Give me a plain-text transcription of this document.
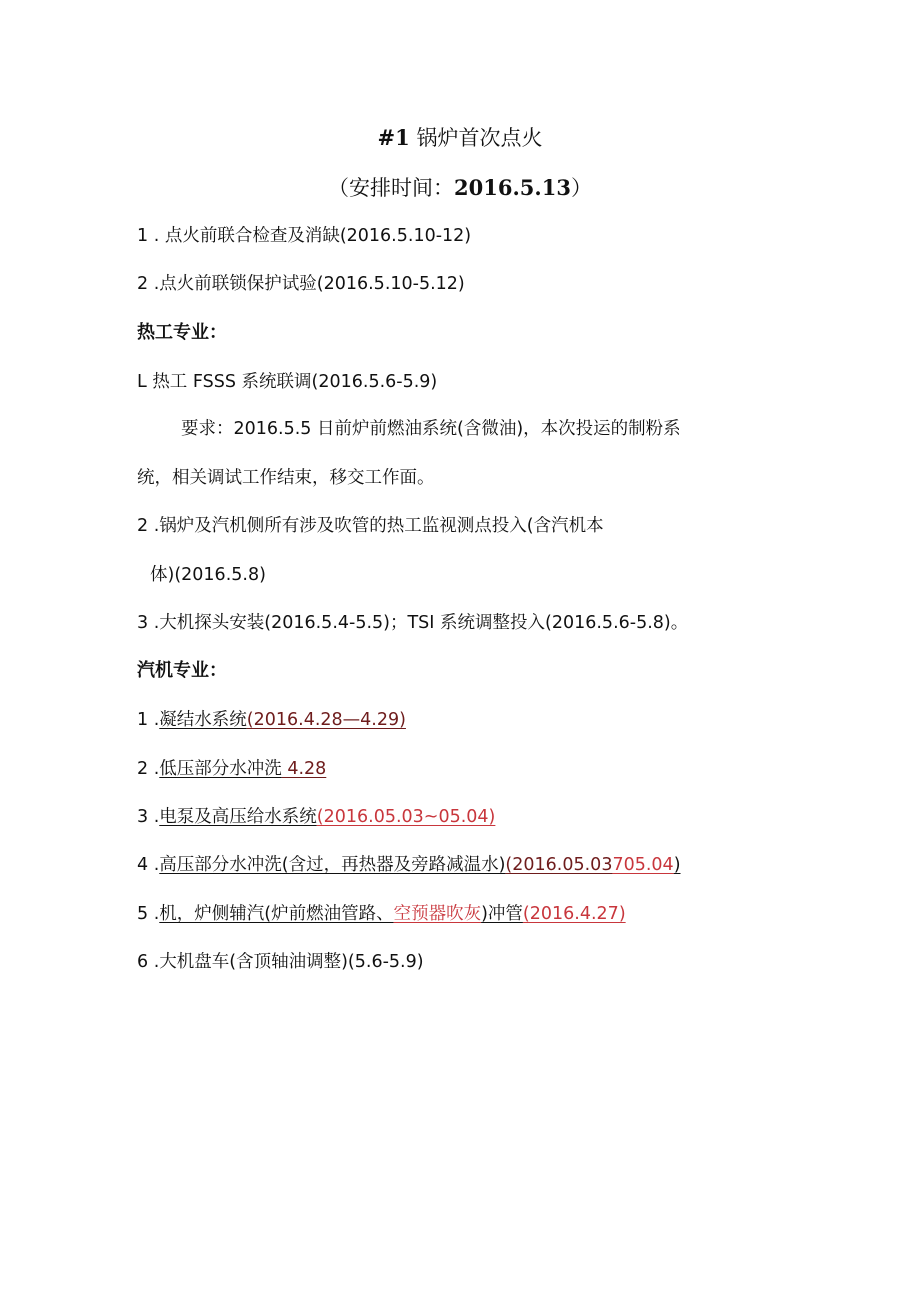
#1 锅炉首次点火
（安排时间：2016.5.13）
1 . 点火前联合检查及消缺(2016.5.10-12)
2 .点火前联锁保护试验(2016.5.10-5.12)
热工专业：
L 热工 FSSS 系统联调(2016.5.6-5.9)
要求：2016.5.5 日前炉前燃油系统(含微油)，本次投运的制粉系
统，相关调试工作结束，移交工作面。
2 .锅炉及汽机侧所有涉及吹管的热工监视测点投入(含汽机本
体)(2016.5.8)
3 .大机探头安装(2016.5.4-5.5)；TSI 系统调整投入(2016.5.6-5.8)。
汽机专业：
1 .凝结水系统(2016.4.28—4.29)
2 .低压部分水冲洗 4.28
3 .电泵及高压给水系统(2016.05.03~05.04)
4 .高压部分水冲洗(含过，再热器及旁路减温水)(2016.05.03705.04)
5 .机，炉侧辅汽(炉前燃油管路、空预器吹灰)冲管(2016.4.27)
6 .大机盘车(含顶轴油调整)(5.6-5.9)
